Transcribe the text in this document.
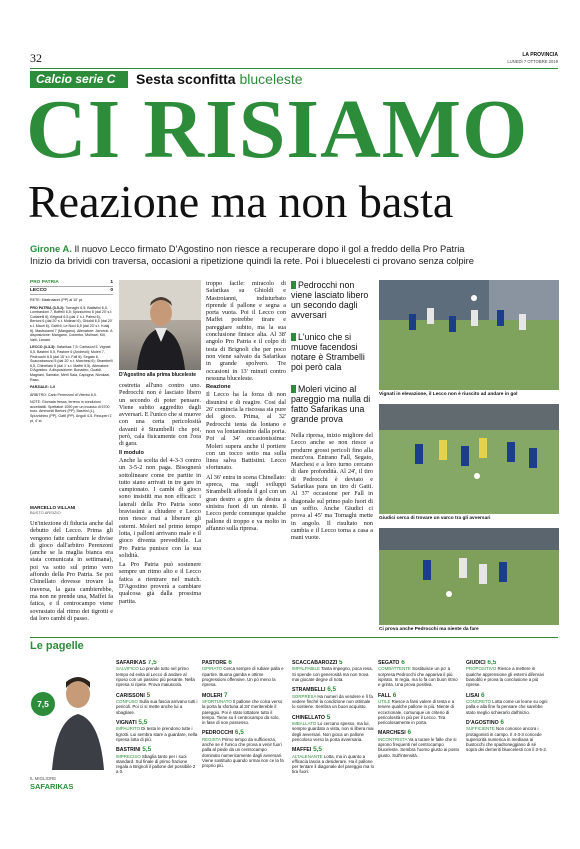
32	LA PROVINCIA
LUNEDÌ 7 OTTOBRE 2019
Calcio serie C Sesta sconfitta bluceleste
CI RISIAMO
Reazione ma non basta
Girone A. Il nuovo Lecco firmato D'Agostino non riesce a recuperare dopo il gol a freddo della Pro Patria
Inizio da brividi con traversa, occasioni a ripetizione quindi la rete. Poi i bluecelesti ci provano senza colpire
PRO PATRIA	1
LECCO	0
RETE: Mastroianni (PP) al 10' pt.
PRO PATRIA (3-5-2): Tornaghi 6,5; Battistini 6,5, Lombardoni 7, Boffelli 6,5; Spizzichino 6 (dal 20' s.t. Cottarelli 6), Brignoli 6,5 (dal 1' s.t. Palesi 6), Bertoni 6 (dal 20' s.t. Molinari 6), Ghioldi 6,5 (dal 20' s.t. Mauri 6), Gatti 6; Le Noci 6,5 (dal 20' s.t. Kolaj 6), Mastroianni 7 (Mangano). Allenatore: Javorcic. A disposizione: Mangano, Colombo, Molinari, Kill, Vaiti, Lancini.
LECCO (4-3-3): Safarikas 7,5; Carissoni 5, Vignati 5,5, Bastrini 5,5, Pastore 6 (Andreoli); Moleri 7, Pedrocchi 6,5 (dal 15' s.t. Fall 6); Segato 6, Scaccabarozzi 5 (dal 20' s.t. Marchesi 6); Strambelli 6,5, Chinellato 5 (dal 1' s.t. Maffei 5,5). Allenatore: D'Agostino. A disposizione: Bonadeo, Gualdi, Magnani, Samake, Merli Sala, Capogna, Nivokazi, Raso.
PARZIALE: 1-0
ARBITRO: Carlo Perenzoni di Viterbo 6,5.
NOTE: Giornata fresca, terreno in condizioni accettabili. Spettatori 1090 per un incasso di 5700 euro. Ammoniti Bertoni (PP), Bastrini (L), Spizzichino (PP), Gatti (PP). Angoli 4-5. Recuperi 1' pt, 4' st.
MARCELLO VILLANI
BUSTO ARSIZIO
Un'iniezione di fiducia anche dal debutto del Lecco. Prima gli vengono fatte cambiare le divise di gioco dall'arbitro Perenzoni (anche se la maglia bianca era stata comunicata in settimana), poi va sotto sul primo vero affondo della Pro Patria. Se poi Chinellato dovesse trovare la traversa, la gara cambierebbe, ma non ne prende una, Maffei fa fatica, e il centrocampo viene sovrastato dal ritmo dei tigrotti e dai loro cambi di passo.
D'Agostino alla prima bluceleste
costretta all'uno contro uno. Pedrocchi non è lasciato libero un secondo di poter pensare. Viene subito aggredito dagli avversari. E l'unico che si muove con una certa pericolosità davanti è Strambelli che poi, però, cala fisicamente con l'ora di gara.
Il modulo
Anche la scelta del 4-3-3 contro un 3-5-2 non paga. Bisognerà sottolineare come tre partite in tutto siano arrivati in tre gare in campionato. I cambi di gioco sono insistiti ma non efficaci: i laterali della Pro Patria sono bravissimi a chiudere e Lecco non riesce mai a liberare gli esterni. Moleri nel primo tempo lotta, i palloni arrivano male e il gioco diventa prevedibile. La Pro Patria punisce con la sua solidità.
La Pro Patria può sostenere sempre un ritmo alto e il Lecco fatica a rientrare nel match. D'Agostino proverà a cambiare qualcosa già dalla prossima partita.
troppo facile: miracolo di Safarikas su Ghioldi e Mastroianni, indisturbato riprende il pallone e segna a porta vuota. Poi il Lecco con Maffei potrebbe tirare e pareggiare subito, ma la sua conclusione finisce alta. Al 38' angolo Pro Patria e il colpo di testa di Brignoli che per poco non viene salvato da Safarikas in grande spolvero. Tre occasioni in 13' minuti contro nessuna bluceleste.
Reazione
Il Lecco ha la forza di non disunirsi e di reagire. Cosi dal 26' comincia la riscossa sia pure del gioco. Prima, al 32' Pedrocchi tenta da lontano e non va lontanissimo dalla porta. Poi al 34' occasionissima: Moleri supera anche il portiere con un tocco sotto ma sulla linea salva Battistini. Lecco sfortunato.
Al 36' entra in scena Chinellato: spreca, ma sugli sviluppi Strambelli affonda il gol con un gran destro a giro da destra a sinistra fuori di un niente. Il Lecco perde comunque qualche pallone di troppo e va molto in affanno sulla ripresa.
Pedrocchi non viene lasciato libero un secondo dagli avversari
L'unico che si muove facendosi notare è Strambelli poi però cala
Moleri vicino al pareggio ma nulla di fatto Safarikas una grande prova
Nella ripresa, inizio migliore del Lecco anche se non riesce a produrre grossi pericoli fino alla mezz'ora. Entrano Fall, Segato, Marchesi e a loro turno cercano di dare profondità. Al 24', il tiro di Pedrocchi è deviato e Safarikas para un tiro di Gatti. Al 37' occasione per Fall in diagonale sul primo palo fuori di un soffio. Anche Giudici ci prova al 45' ma Tornaghi mette in angolo. Il risultato non cambia e il Lecco torna a casa a mani vuote.
Vignati in elevazione, il Lecco non è riuscito ad andare in gol
Giudici cerca di trovare un varco tra gli avversari
Ci prova anche Pedrocchi ma niente da fare
Le pagelle
7,5
IL MIGLIORE
SAFARIKAS
SAFARIKAS 7,5
SALVIFICO Lo prende tutto nel primo tempo ed evita al Lecco di andare al riposo con un passivo più pesante. Nella ripresa si ripete. Prova maiuscola.
CARISSONI 5
CONFUSO Sulla sua fascia arrivano tutti i pericoli. Poi ci si mette anche lui a sbagliare.
VIGNATI 5,5
IMPAURITO Di testa le prendono tutte i tigrotti. Lui sembra stare a guardare, nella ripresa lotta di più.
BASTRINI 5,5
IMPRECISO Sbaglia tanto per i suoi standard. Sul finale di primo frazione regala a Brignoli il pallone del possibile 2 a 0.
PASTORE 6
ISPIRATO Cerca sempre di rubare palla e ripartire. Buona gamba e ottime progressioni offensive. Un pò meno la ripresa.
MOLERI 7
SFORTUNATO Il pallone che colca verso la porta la sfortuna al 34' meritereble il pareggio. Poi è stato lottatore tutto il tempo. Tiene su il centrocampo da solo, in fase di non possesso.
PEDROCCHI 6,5
REGISTA Primo tempo da sufficienza, anche se è l'unico che prova a venir fuori palla al piede da un centrocampo dominato numericamente dagli avversari. Viene sostituito quando ormai non ce la fa proprio più.
SCACCABAROZZI 5
IMPALPABILE Tanta impegno, poca resa. Si spende con generosità ma non trova mai giocate degne di nota.
STRAMBELLI 6,5
SORPRESA Ha numeri da vendere e lì fa vedere finché la condizione non ottimale lo sostiene. Sembra un buon acquisto.
CHINELLATO 5
IMBALLATO Lo cercano spesso, ma lui, sempre guardato a vista, non si libera mai degli avversari. Non gioca un pallone pericoloso verso la porta avversaria.
MAFFEI 5,5
ALTALENANTE Lotta, ma in quanto a efficacia lascia a desiderare. Ha il pallone per tentare il diagonale del pareggio ma lo tira fuori.
SEGATO 6
COMBATTENTE Sostituisce un po' a sorpresa Pedrocchi che appariva il più ispirato. In regia, ma lo fa con buon ritmo e grinta. Una prova positiva.
FALL 6
UTILE Riesce a farsi valere di testa e a tenere qualche pallone in più. Niente di eccezionale, comunque un criterio di pericolosità in più per il Lecco. Tira pericolosamente in porta.
MARCHESI 6
INCONTRISTA Va a turare le falle che si aprono frequenti nel centrocampo bluceleste. Sembra l'uomo giusto ai posto giusto. Sull'intensità.
GIUDICI 6,5
PROPOSITIVO Riesce a mettere in qualche apprensione gli esterni difensivi bianoblù e prova la conclusione a più riprese.
LISAI 6
CONCRETO Lotta come un leone su ogni palla e alla fine fa pensare che sarebbe stato meglio schierarlo dall'inizio.
D'AGOSTINO 6
SUFFICIENTE Non conosce ancora i protagonisti in campo. Il 4-3-3 concede superiorità numerica in mediana ai bustocchi che spadroneggiano di sé sopra dei demeriti bluecelesti con il 3-5-2.
